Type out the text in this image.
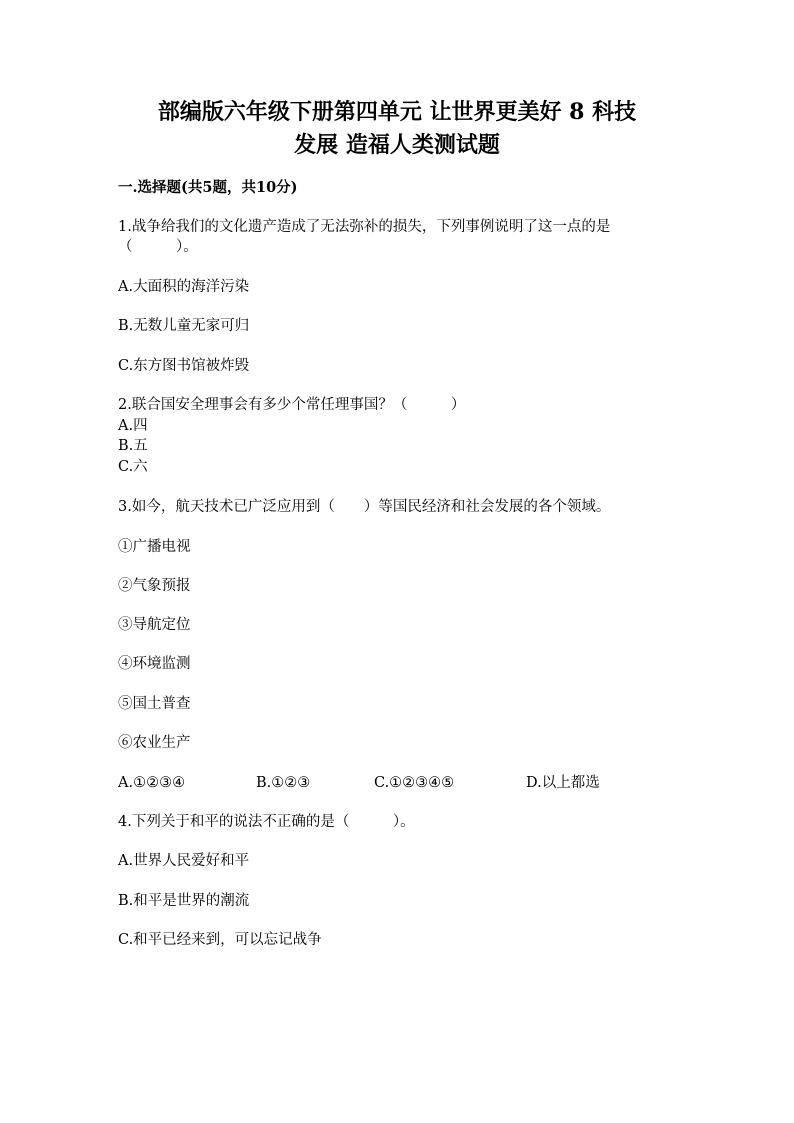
部编版六年级下册第四单元 让世界更美好 8 科技
发展 造福人类测试题
一.选择题(共5题，共10分)
1.战争给我们的文化遗产造成了无法弥补的损失，下列事例说明了这一点的是
（　　　）。
A.大面积的海洋污染
B.无数儿童无家可归
C.东方图书馆被炸毁
2.联合国安全理事会有多少个常任理事国？（　　　）
A.四
B.五
C.六
3.如今，航天技术已广泛应用到（　　）等国民经济和社会发展的各个领域。
①广播电视
②气象预报
③导航定位
④环境监测
⑤国土普查
⑥农业生产
A.①②③④	B.①②③	C.①②③④⑤	D.以上都选
4.下列关于和平的说法不正确的是（　　　）。
A.世界人民爱好和平
B.和平是世界的潮流
C.和平已经来到，可以忘记战争
